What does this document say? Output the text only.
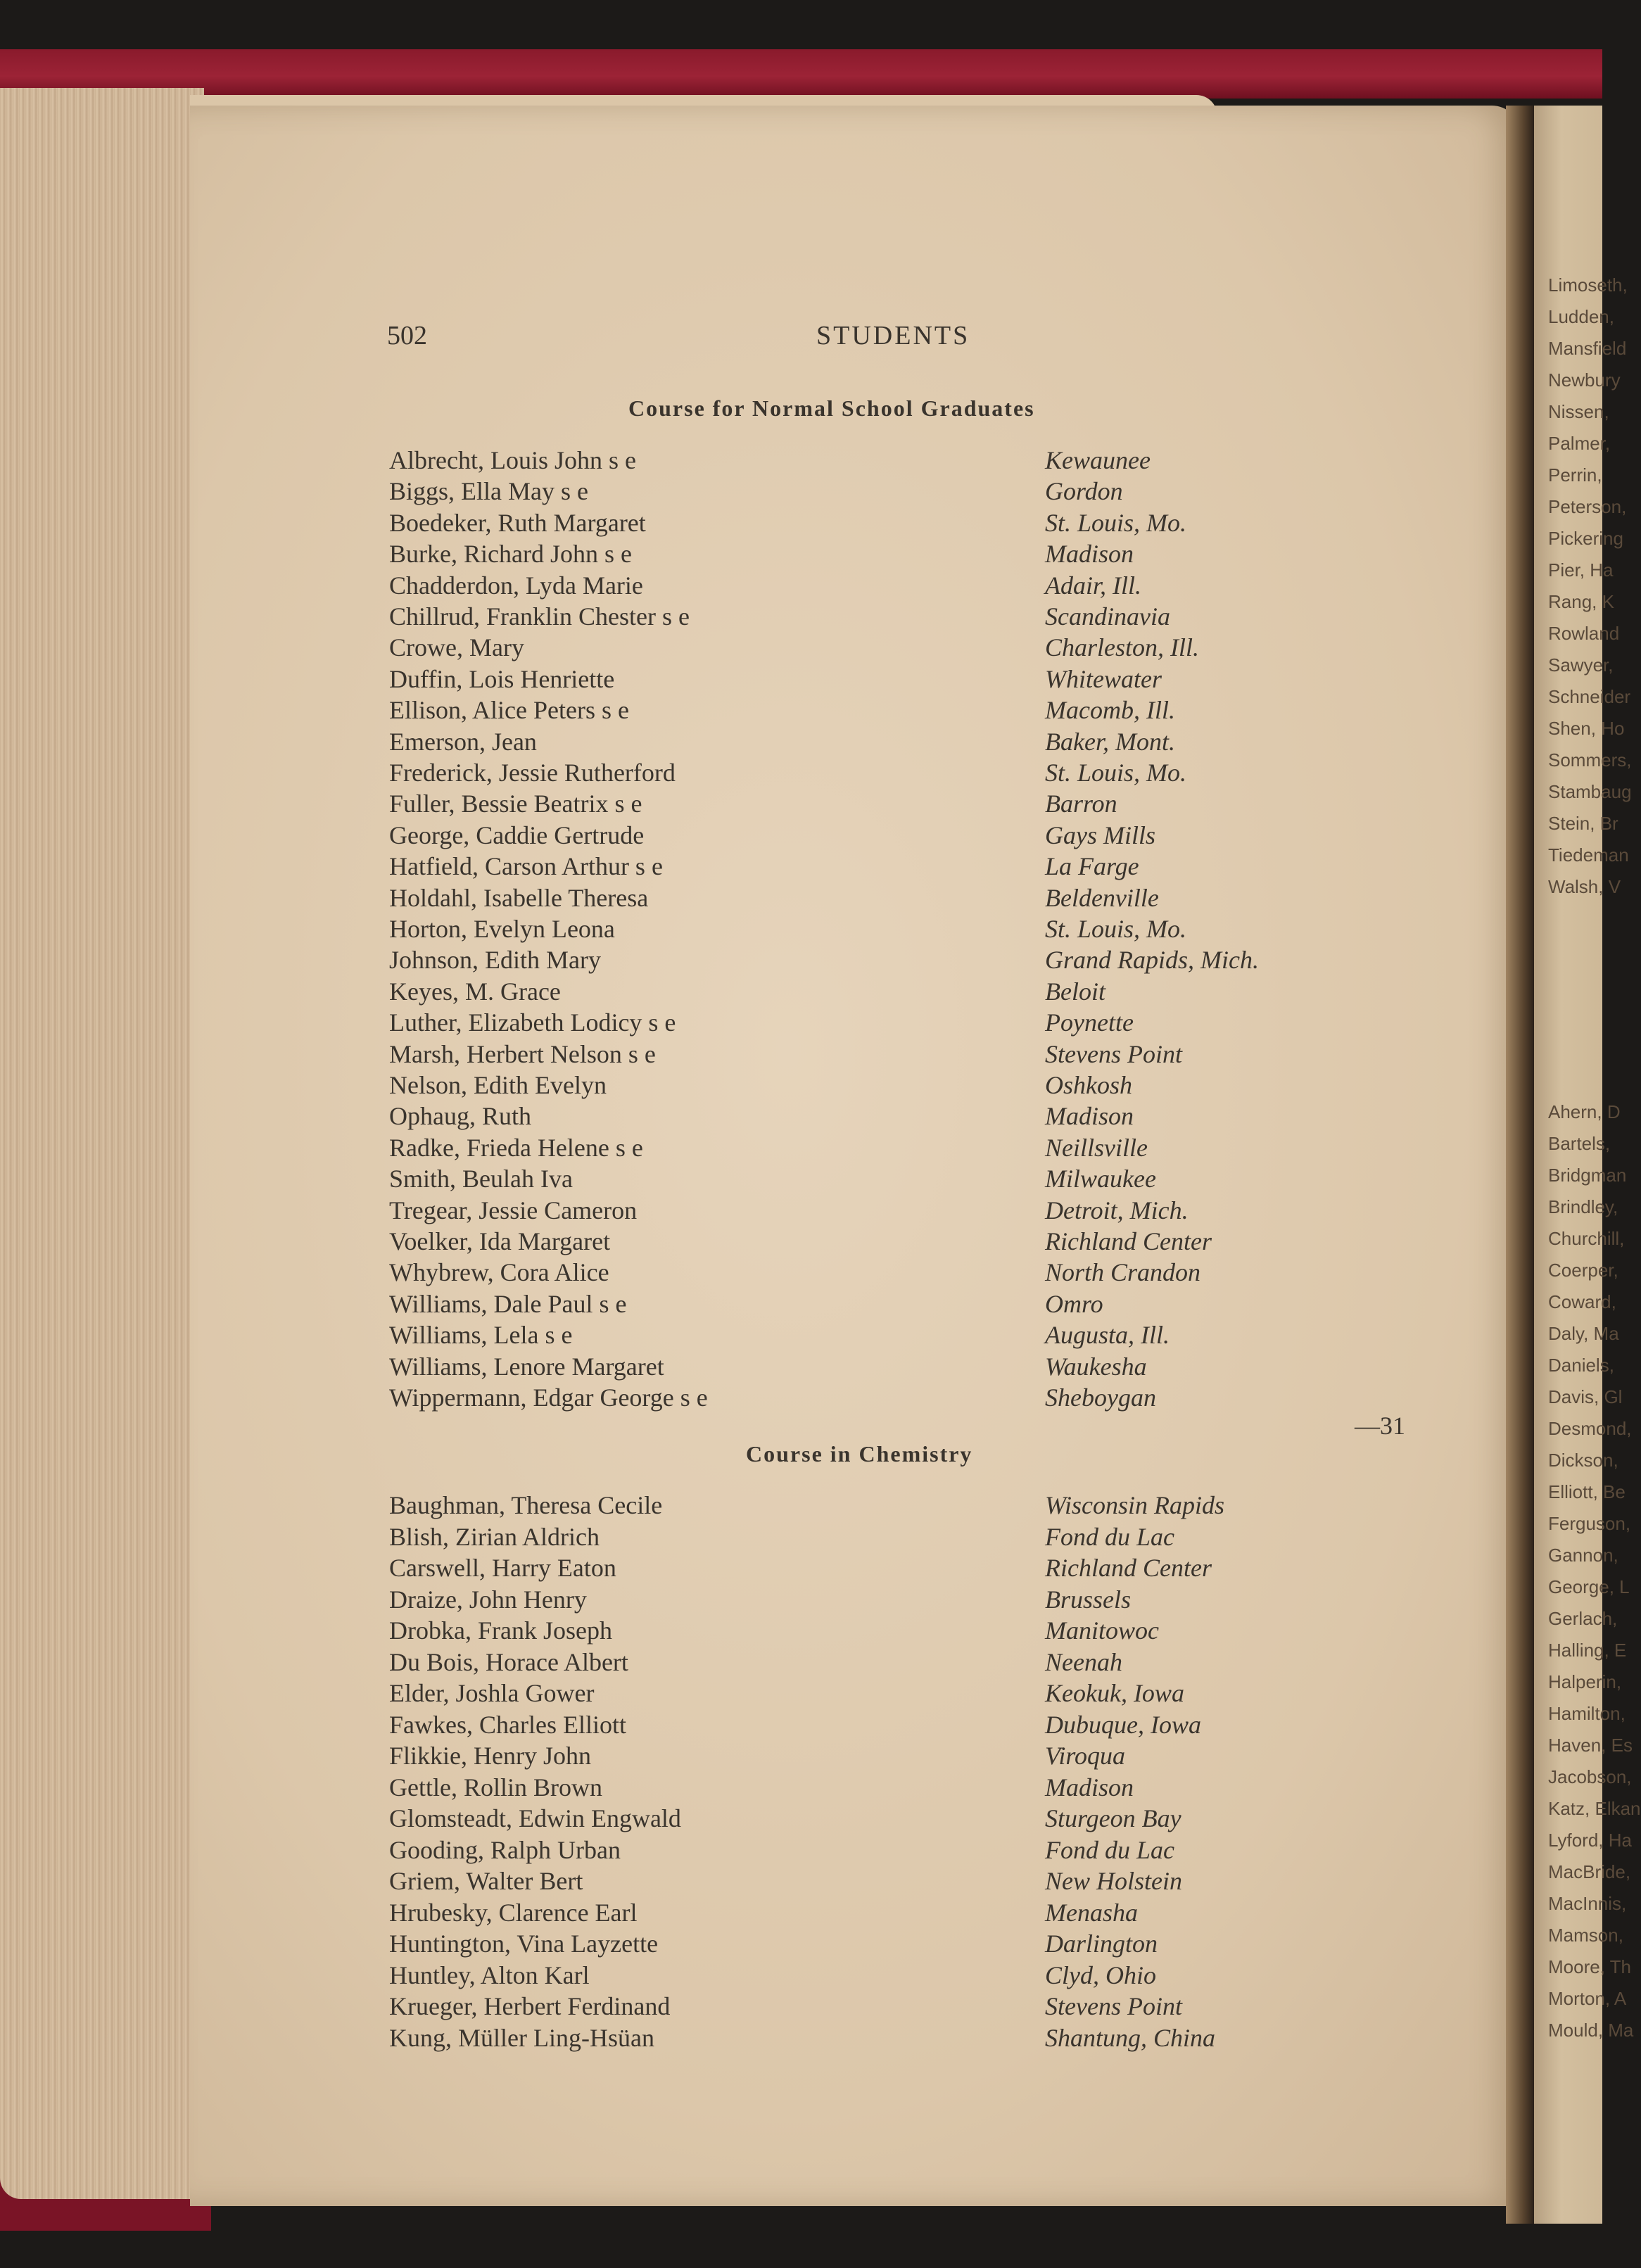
Limoseth,
Ludden,
Mansfield
Newbury
Nissen,
Palmer,
Perrin,
Peterson,
Pickering
Pier, Ha
Rang, K
Rowland
Sawyer,
Schneider
Shen, Ho
Sommers,
Stambaug
Stein, Br
Tiedeman
Walsh, V
Ahern, D
Bartels,
Bridgman
Brindley,
Churchill,
Coerper,
Coward,
Daly, Ma
Daniels,
Davis, Gl
Desmond,
Dickson,
Elliott, Be
Ferguson,
Gannon,
George, L
Gerlach,
Halling, E
Halperin,
Hamilton,
Haven, Es
Jacobson,
Katz, Elkan
Lyford, Ha
MacBride,
MacInnis,
Mamson,
Moore, Th
Morton, A
Mould, Ma
502	STUDENTS
Course for Normal School Graduates
Albrecht, Louis John s e	Kewaunee
Biggs, Ella May s e	Gordon
Boedeker, Ruth Margaret	St. Louis, Mo.
Burke, Richard John s e	Madison
Chadderdon, Lyda Marie	Adair, Ill.
Chillrud, Franklin Chester s e	Scandinavia
Crowe, Mary	Charleston, Ill.
Duffin, Lois Henriette	Whitewater
Ellison, Alice Peters s e	Macomb, Ill.
Emerson, Jean	Baker, Mont.
Frederick, Jessie Rutherford	St. Louis, Mo.
Fuller, Bessie Beatrix s e	Barron
George, Caddie Gertrude	Gays Mills
Hatfield, Carson Arthur s e	La Farge
Holdahl, Isabelle Theresa	Beldenville
Horton, Evelyn Leona	St. Louis, Mo.
Johnson, Edith Mary	Grand Rapids, Mich.
Keyes, M. Grace	Beloit
Luther, Elizabeth Lodicy s e	Poynette
Marsh, Herbert Nelson s e	Stevens Point
Nelson, Edith Evelyn	Oshkosh
Ophaug, Ruth	Madison
Radke, Frieda Helene s e	Neillsville
Smith, Beulah Iva	Milwaukee
Tregear, Jessie Cameron	Detroit, Mich.
Voelker, Ida Margaret	Richland Center
Whybrew, Cora Alice	North Crandon
Williams, Dale Paul s e	Omro
Williams, Lela s e	Augusta, Ill.
Williams, Lenore Margaret	Waukesha
Wippermann, Edgar George s e	Sheboygan
—31
Course in Chemistry
Baughman, Theresa Cecile	Wisconsin Rapids
Blish, Zirian Aldrich	Fond du Lac
Carswell, Harry Eaton	Richland Center
Draize, John Henry	Brussels
Drobka, Frank Joseph	Manitowoc
Du Bois, Horace Albert	Neenah
Elder, Joshla Gower	Keokuk, Iowa
Fawkes, Charles Elliott	Dubuque, Iowa
Flikkie, Henry John	Viroqua
Gettle, Rollin Brown	Madison
Glomsteadt, Edwin Engwald	Sturgeon Bay
Gooding, Ralph Urban	Fond du Lac
Griem, Walter Bert	New Holstein
Hrubesky, Clarence Earl	Menasha
Huntington, Vina Layzette	Darlington
Huntley, Alton Karl	Clyd, Ohio
Krueger, Herbert Ferdinand	Stevens Point
Kung, Müller Ling-Hsüan	Shantung, China
